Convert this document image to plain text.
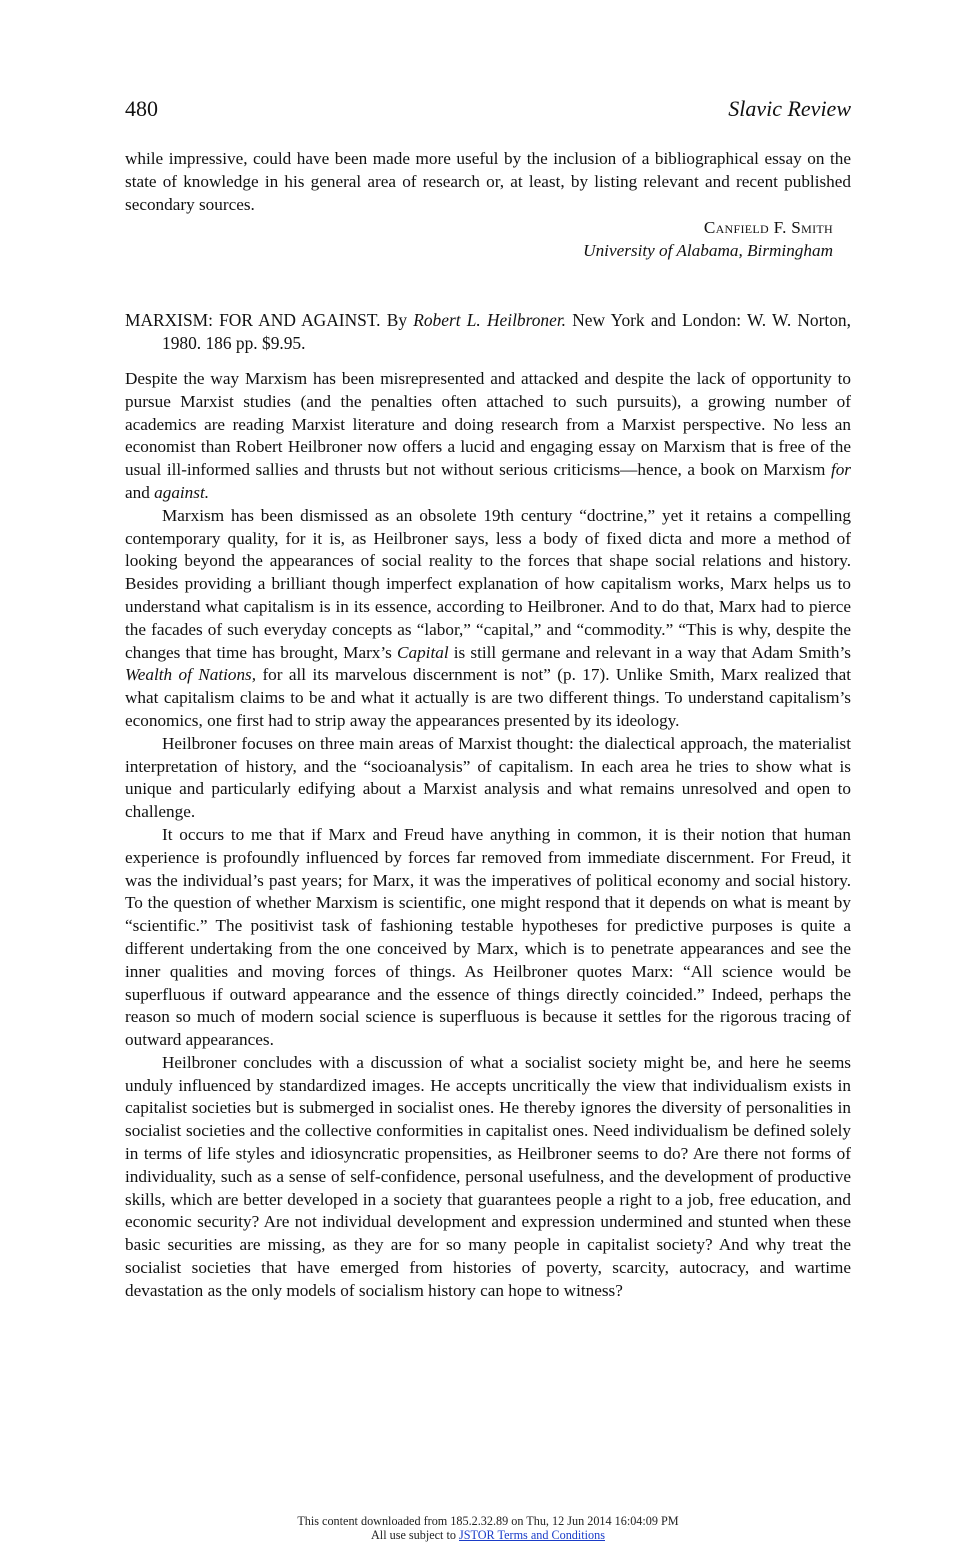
480	Slavic Review

while impressive, could have been made more useful by the inclusion of a bibliographical essay on the state of knowledge in his general area of research or, at least, by listing relevant and recent published secondary sources.

Canfield F. Smith
University of Alabama, Birmingham

MARXISM: FOR AND AGAINST. By Robert L. Heilbroner. New York and London: W. W. Norton, 1980. 186 pp. $9.95.

Despite the way Marxism has been misrepresented and attacked and despite the lack of opportunity to pursue Marxist studies (and the penalties often attached to such pursuits), a growing number of academics are reading Marxist literature and doing research from a Marxist perspective. No less an economist than Robert Heilbroner now offers a lucid and engaging essay on Marxism that is free of the usual ill-informed sallies and thrusts but not without serious criticisms—hence, a book on Marxism for and against.

Marxism has been dismissed as an obsolete 19th century “doctrine,” yet it retains a compelling contemporary quality, for it is, as Heilbroner says, less a body of fixed dicta and more a method of looking beyond the appearances of social reality to the forces that shape social relations and history. Besides providing a brilliant though imperfect explanation of how capitalism works, Marx helps us to understand what capitalism is in its essence, according to Heilbroner. And to do that, Marx had to pierce the facades of such everyday concepts as “labor,” “capital,” and “commodity.” “This is why, despite the changes that time has brought, Marx’s Capital is still germane and relevant in a way that Adam Smith’s Wealth of Nations, for all its marvelous discernment is not” (p. 17). Unlike Smith, Marx realized that what capitalism claims to be and what it actually is are two different things. To understand capitalism’s economics, one first had to strip away the appearances presented by its ideology.

Heilbroner focuses on three main areas of Marxist thought: the dialectical approach, the materialist interpretation of history, and the “socioanalysis” of capitalism. In each area he tries to show what is unique and particularly edifying about a Marxist analysis and what remains unresolved and open to challenge.

It occurs to me that if Marx and Freud have anything in common, it is their notion that human experience is profoundly influenced by forces far removed from immediate discernment. For Freud, it was the individual’s past years; for Marx, it was the imperatives of political economy and social history. To the question of whether Marxism is scientific, one might respond that it depends on what is meant by “scientific.” The positivist task of fashioning testable hypotheses for predictive purposes is quite a different undertaking from the one conceived by Marx, which is to penetrate appearances and see the inner qualities and moving forces of things. As Heilbroner quotes Marx: “All science would be superfluous if outward appearance and the essence of things directly coincided.” Indeed, perhaps the reason so much of modern social science is superfluous is because it settles for the rigorous tracing of outward appearances.

Heilbroner concludes with a discussion of what a socialist society might be, and here he seems unduly influenced by standardized images. He accepts uncritically the view that individualism exists in capitalist societies but is submerged in socialist ones. He thereby ignores the diversity of personalities in socialist societies and the collective conformities in capitalist ones. Need individualism be defined solely in terms of life styles and idiosyncratic propensities, as Heilbroner seems to do? Are there not forms of individuality, such as a sense of self-confidence, personal usefulness, and the development of productive skills, which are better developed in a society that guarantees people a right to a job, free education, and economic security? Are not individual development and expression undermined and stunted when these basic securities are missing, as they are for so many people in capitalist society? And why treat the socialist societies that have emerged from histories of poverty, scarcity, autocracy, and wartime devastation as the only models of socialism history can hope to witness?

This content downloaded from 185.2.32.89 on Thu, 12 Jun 2014 16:04:09 PM
All use subject to JSTOR Terms and Conditions
